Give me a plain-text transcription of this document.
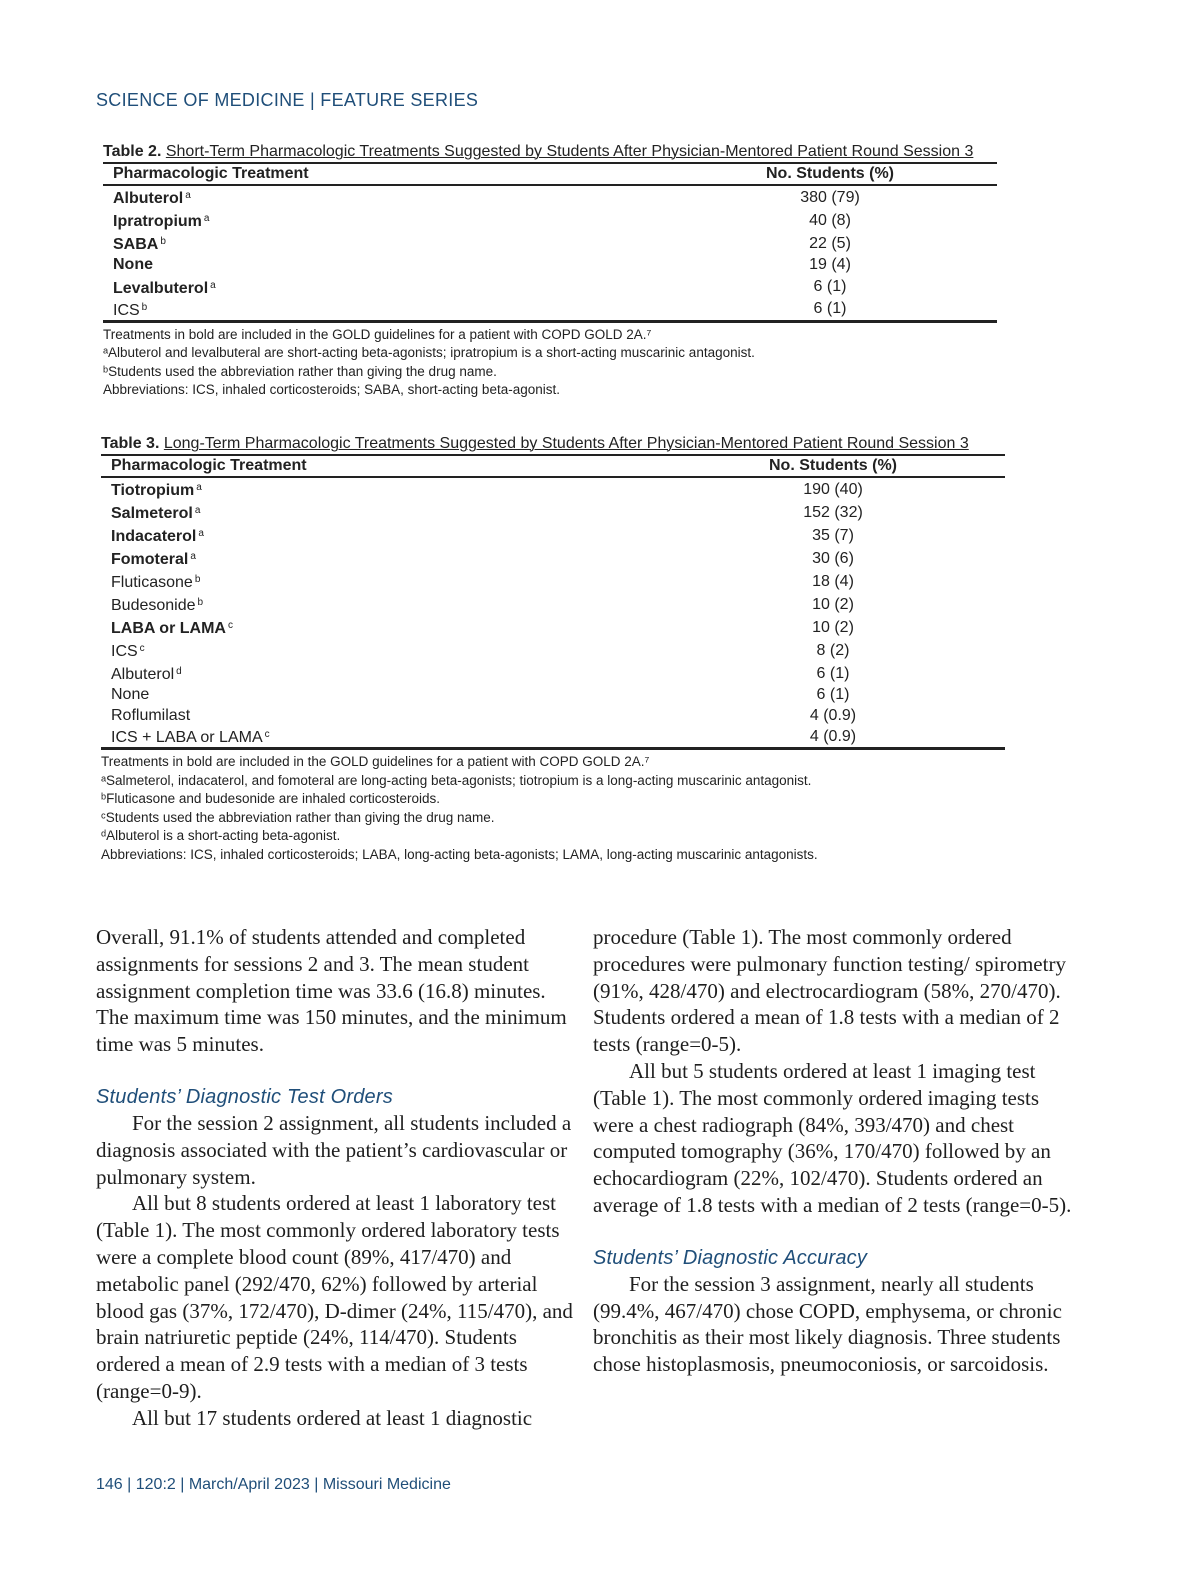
SCIENCE OF MEDICINE | FEATURE SERIES
Table 2. Short-Term Pharmacologic Treatments Suggested by Students After Physician-Mentored Patient Round Session 3
Pharmacologic Treatment	No. Students (%)
Albuterol $^a$	380 (79)
Ipratropium $^a$	40 (8)
SABA $^b$	22 (5)
None	19 (4)
Levalbuterol $^a$	6 (1)
ICS $^b$	6 (1)
Treatments in bold are included in the GOLD guidelines for a patient with COPD GOLD 2A.⁷
ᵃAlbuterol and levalbuteral are short-acting beta-agonists; ipratropium is a short-acting muscarinic antagonist.
ᵇStudents used the abbreviation rather than giving the drug name.
Abbreviations: ICS, inhaled corticosteroids; SABA, short-acting beta-agonist.
Table 3. Long-Term Pharmacologic Treatments Suggested by Students After Physician-Mentored Patient Round Session 3
Pharmacologic Treatment	No. Students (%)
Tiotropium $^a$	190 (40)
Salmeterol $^a$	152 (32)
Indacaterol $^a$	35 (7)
Fomoteral $^a$	30 (6)
Fluticasone $^b$	18 (4)
Budesonide $^b$	10 (2)
LABA or LAMA $^c$	10 (2)
ICS $^c$	8 (2)
Albuterol $^d$	6 (1)
None	6 (1)
Roflumilast	4 (0.9)
ICS + LABA or LAMA $^c$	4 (0.9)
Treatments in bold are included in the GOLD guidelines for a patient with COPD GOLD 2A.⁷
ᵃSalmeterol, indacaterol, and fomoteral are long-acting beta-agonists; tiotropium is a long-acting muscarinic antagonist.
ᵇFluticasone and budesonide are inhaled corticosteroids.
ᶜStudents used the abbreviation rather than giving the drug name.
ᵈAlbuterol is a short-acting beta-agonist.
Abbreviations: ICS, inhaled corticosteroids; LABA, long-acting beta-agonists; LAMA, long-acting muscarinic antagonists.

Overall, 91.1% of students attended and completed assignments for sessions 2 and 3. The mean student assignment completion time was 33.6 (16.8) minutes. The maximum time was 150 minutes, and the minimum time was 5 minutes.

Students’ Diagnostic Test Orders

For the session 2 assignment, all students included a diagnosis associated with the patient’s cardiovascular or pulmonary system.

All but 8 students ordered at least 1 laboratory test (Table 1). The most commonly ordered laboratory tests were a complete blood count (89%, 417/470) and metabolic panel (292/470, 62%) followed by arterial blood gas (37%, 172/470), D-dimer (24%, 115/470), and brain natriuretic peptide (24%, 114/470). Students ordered a mean of 2.9 tests with a median of 3 tests (range=0-9).

All but 17 students ordered at least 1 diagnostic

procedure (Table 1). The most commonly ordered procedures were pulmonary function testing/ spirometry (91%, 428/470) and electrocardiogram (58%, 270/470). Students ordered a mean of 1.8 tests with a median of 2 tests (range=0-5).

All but 5 students ordered at least 1 imaging test (Table 1). The most commonly ordered imaging tests were a chest radiograph (84%, 393/470) and chest computed tomography (36%, 170/470) followed by an echocardiogram (22%, 102/470). Students ordered an average of 1.8 tests with a median of 2 tests (range=0-5).

Students’ Diagnostic Accuracy

For the session 3 assignment, nearly all students (99.4%, 467/470) chose COPD, emphysema, or chronic bronchitis as their most likely diagnosis. Three students chose histoplasmosis, pneumoconiosis, or sarcoidosis.

146 | 120:2 | March/April 2023 | Missouri Medicine
